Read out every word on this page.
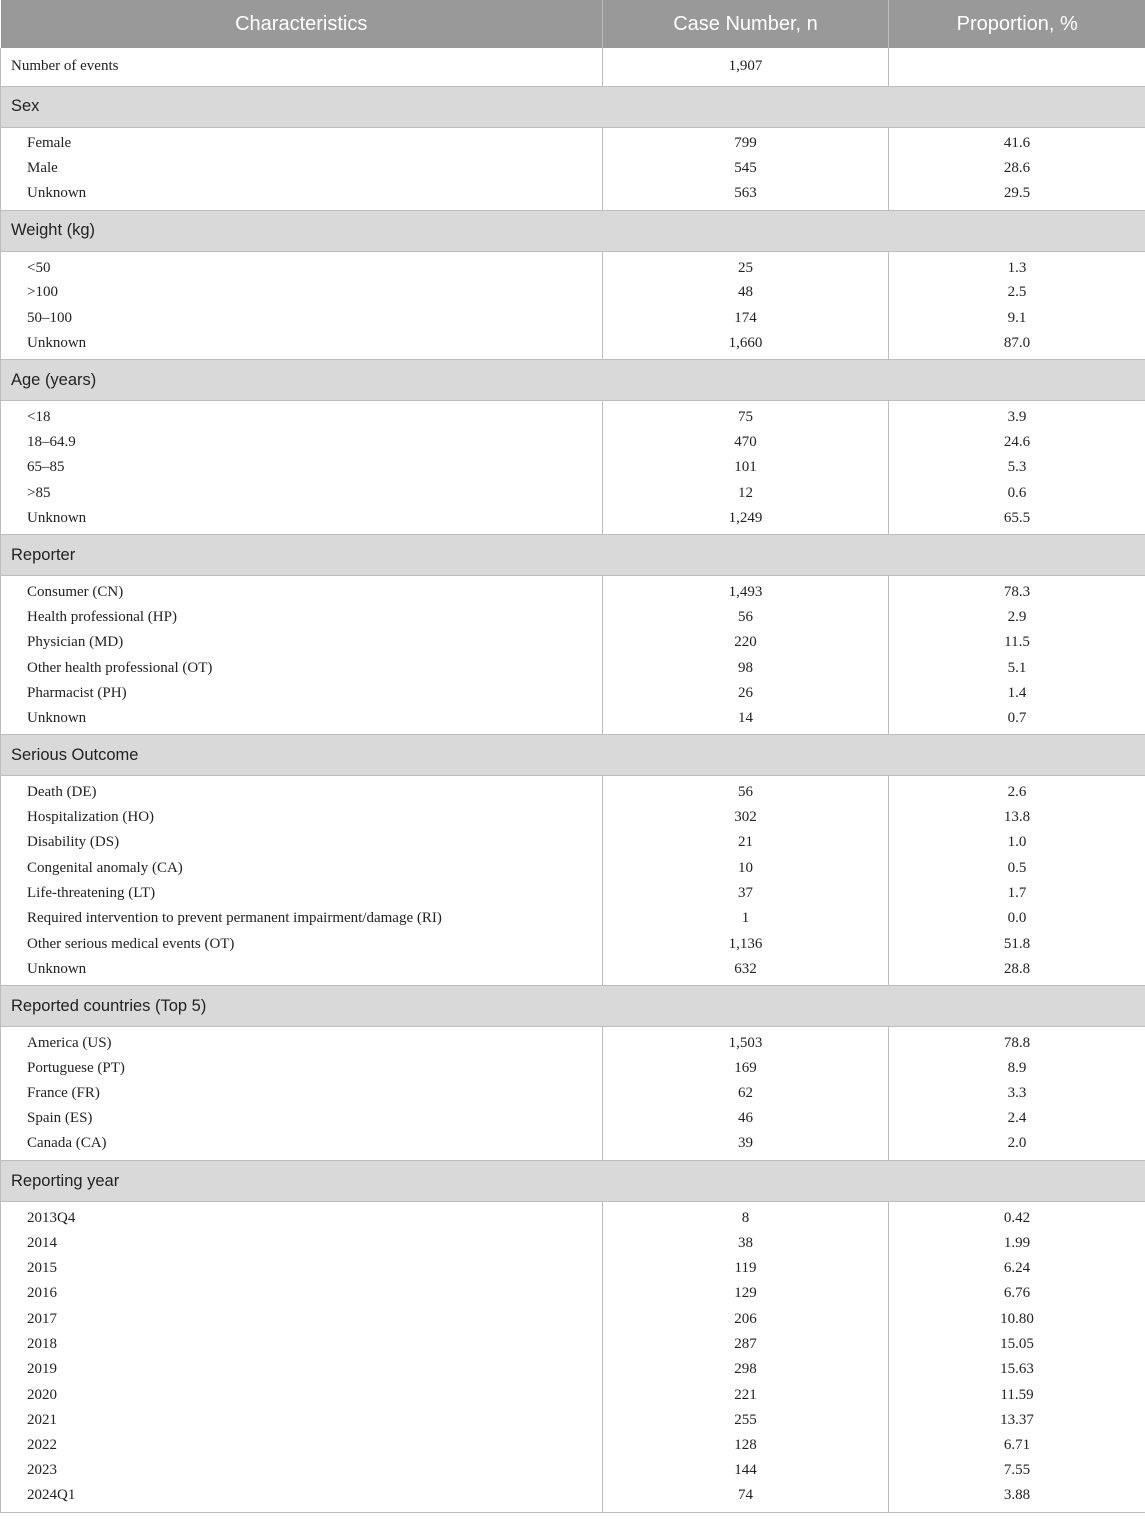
Characteristics	Case Number, n	Proportion, %
Number of events	1,907	
Sex		
Female	799	41.6
Male	545	28.6
Unknown	563	29.5
Weight (kg)		
<50	25	1.3
>100	48	2.5
50–100	174	9.1
Unknown	1,660	87.0
Age (years)		
<18	75	3.9
18–64.9	470	24.6
65–85	101	5.3
>85	12	0.6
Unknown	1,249	65.5
Reporter		
Consumer (CN)	1,493	78.3
Health professional (HP)	56	2.9
Physician (MD)	220	11.5
Other health professional (OT)	98	5.1
Pharmacist (PH)	26	1.4
Unknown	14	0.7
Serious Outcome		
Death (DE)	56	2.6
Hospitalization (HO)	302	13.8
Disability (DS)	21	1.0
Congenital anomaly (CA)	10	0.5
Life-threatening (LT)	37	1.7
Required intervention to prevent permanent impairment/damage (RI)	1	0.0
Other serious medical events (OT)	1,136	51.8
Unknown	632	28.8
Reported countries (Top 5)		
America (US)	1,503	78.8
Portuguese (PT)	169	8.9
France (FR)	62	3.3
Spain (ES)	46	2.4
Canada (CA)	39	2.0
Reporting year		
2013Q4	8	0.42
2014	38	1.99
2015	119	6.24
2016	129	6.76
2017	206	10.80
2018	287	15.05
2019	298	15.63
2020	221	11.59
2021	255	13.37
2022	128	6.71
2023	144	7.55
2024Q1	74	3.88
